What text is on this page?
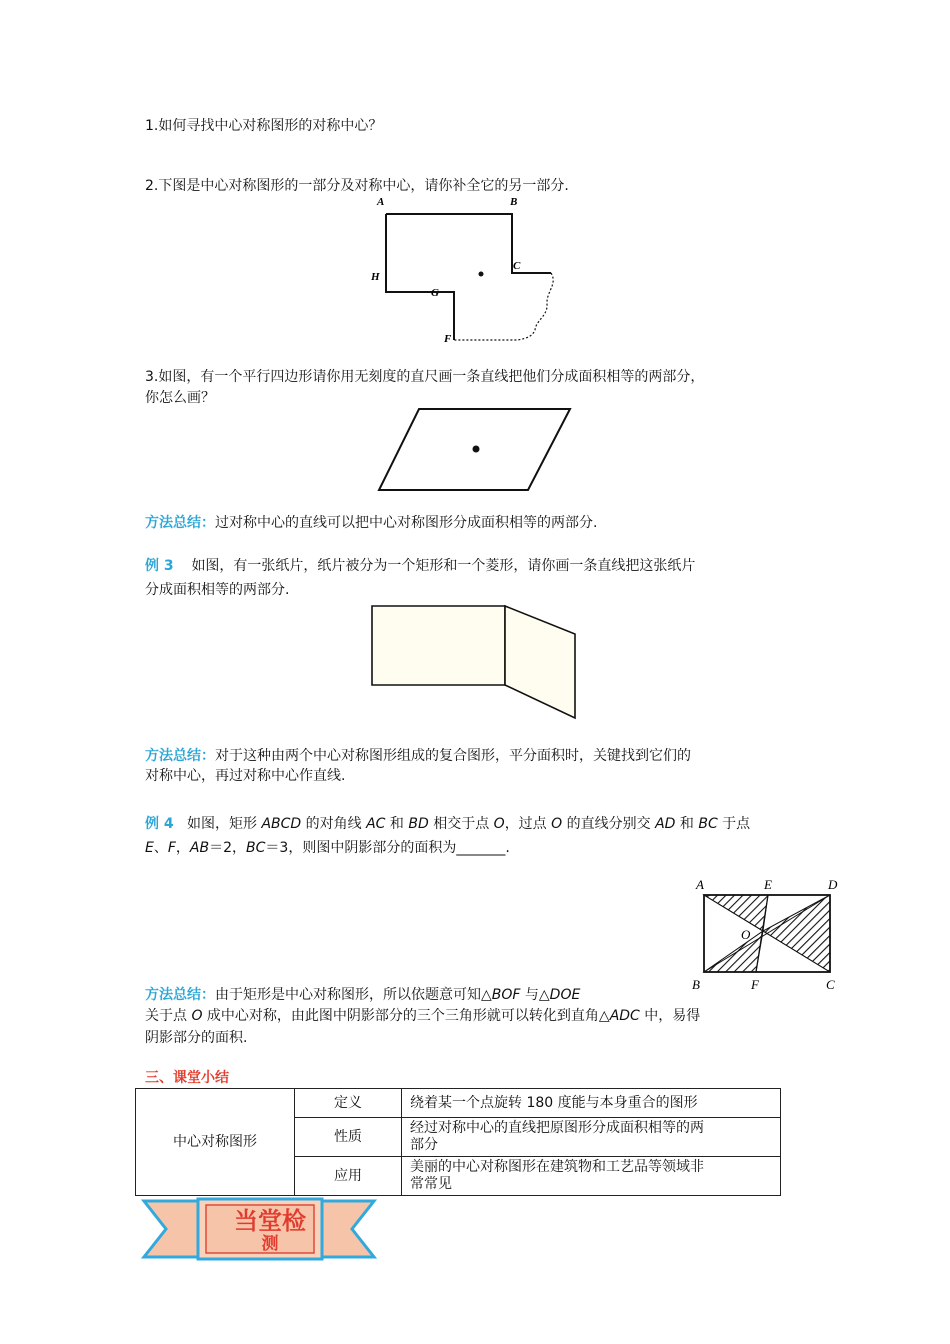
1.如何寻找中心对称图形的对称中心？
2.下图是中心对称图形的一部分及对称中心，请你补全它的另一部分.
A	B
C
H
G
F
3.如图，有一个平行四边形请你用无刻度的直尺画一条直线把他们分成面积相等的两部分，
你怎么画？
方法总结：过对称中心的直线可以把中心对称图形分成面积相等的两部分.
例 3 如图，有一张纸片，纸片被分为一个矩形和一个菱形，请你画一条直线把这张纸片
分成面积相等的两部分.
方法总结：对于这种由两个中心对称图形组成的复合图形，平分面积时，关键找到它们的
对称中心，再过对称中心作直线.
例 4 如图，矩形 ABCD 的对角线 AC 和 BD 相交于点 O，过点 O 的直线分别交 AD 和 BC 于点
E、F，AB＝2，BC＝3，则图中阴影部分的面积为_______.
A	E	D
O
B	F	C
方法总结：由于矩形是中心对称图形，所以依题意可知△BOF 与△DOE
关于点 O 成中心对称，由此图中阴影部分的三个三角形就可以转化到直角△ADC 中，易得
阴影部分的面积.
三、课堂小结
中心对称图形	定义	绕着某一个点旋转 180 度能与本身重合的图形
	性质	经过对称中心的直线把原图形分成面积相等的两
部分
	应用	美丽的中心对称图形在建筑物和工艺品等领域非
常常见
当堂检
测
